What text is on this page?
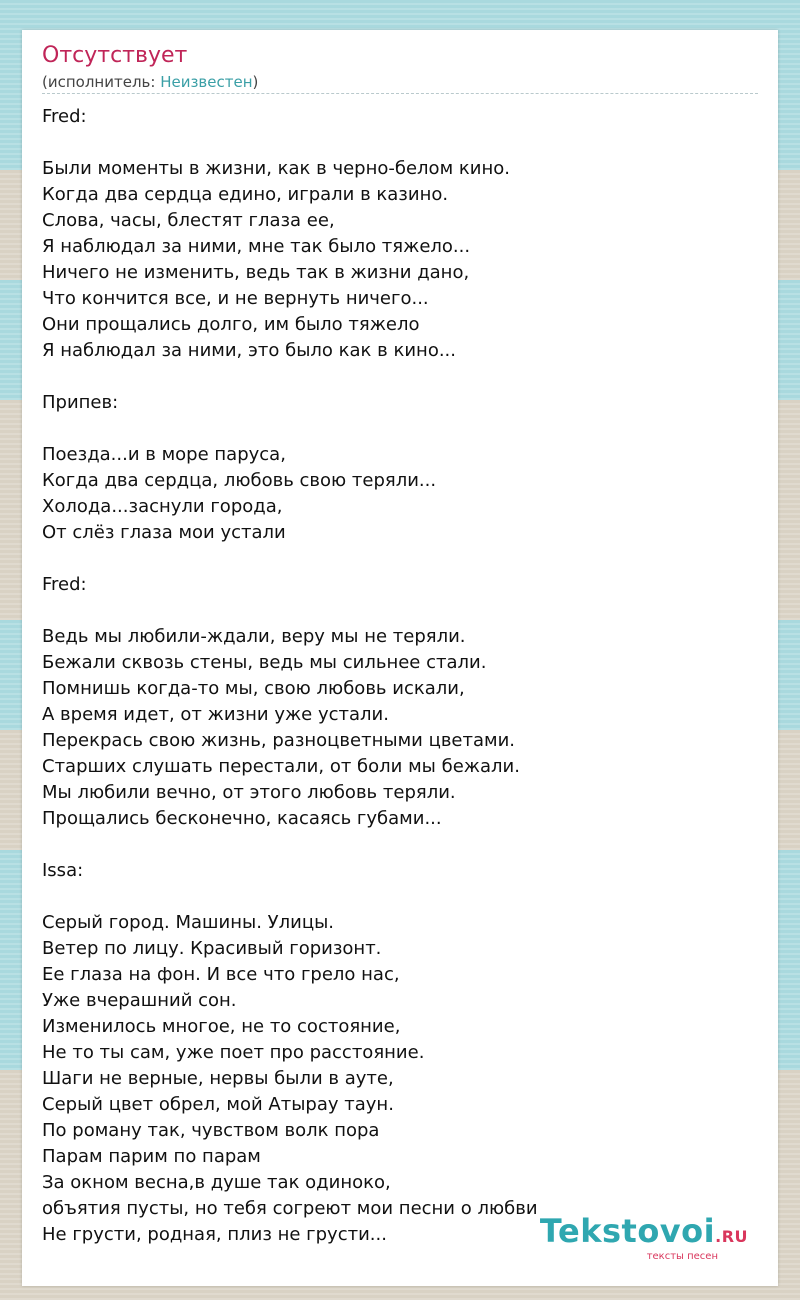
Отсутствует
(исполнитель: Неизвестен)
Fred:
Были моменты в жизни, как в черно-белом кино.
Когда два сердца едино, играли в казино.
Слова, часы, блестят глаза ее,
Я наблюдал за ними, мне так было тяжело...
Ничего не изменить, ведь так в жизни дано,
Что кончится все, и не вернуть ничего...
Они прощались долго, им было тяжело
Я наблюдал за ними, это было как в кино...
Припев:
Поезда...и в море паруса,
Когда два сердца, любовь свою теряли...
Холода...заснули города,
От слёз глаза мои устали
Fred:
Ведь мы любили-ждали, веру мы не теряли.
Бежали сквозь стены, ведь мы сильнее стали.
Помнишь когда-то мы, свою любовь искали,
А время идет, от жизни уже устали.
Перекрась свою жизнь, разноцветными цветами.
Старших слушать перестали, от боли мы бежали.
Мы любили вечно, от этого любовь теряли.
Прощались бесконечно, касаясь губами...
Issa:
Серый город. Машины. Улицы.
Ветер по лицу. Красивый горизонт.
Ее глаза на фон. И все что грело нас,
Уже вчерашний сон.
Изменилось многое, не то состояние,
Не то ты сам, уже поет про расстояние.
Шаги не верные, нервы были в ауте,
Серый цвет обрел, мой Атырау таун.
По роману так, чувством волк пора
Парам парим по парам
За окном весна,в душе так одиноко,
объятия пусты, но тебя согреют мои песни о любви
Не грусти, родная, плиз не грусти...	Tekstovoi.RU
тексты песен
